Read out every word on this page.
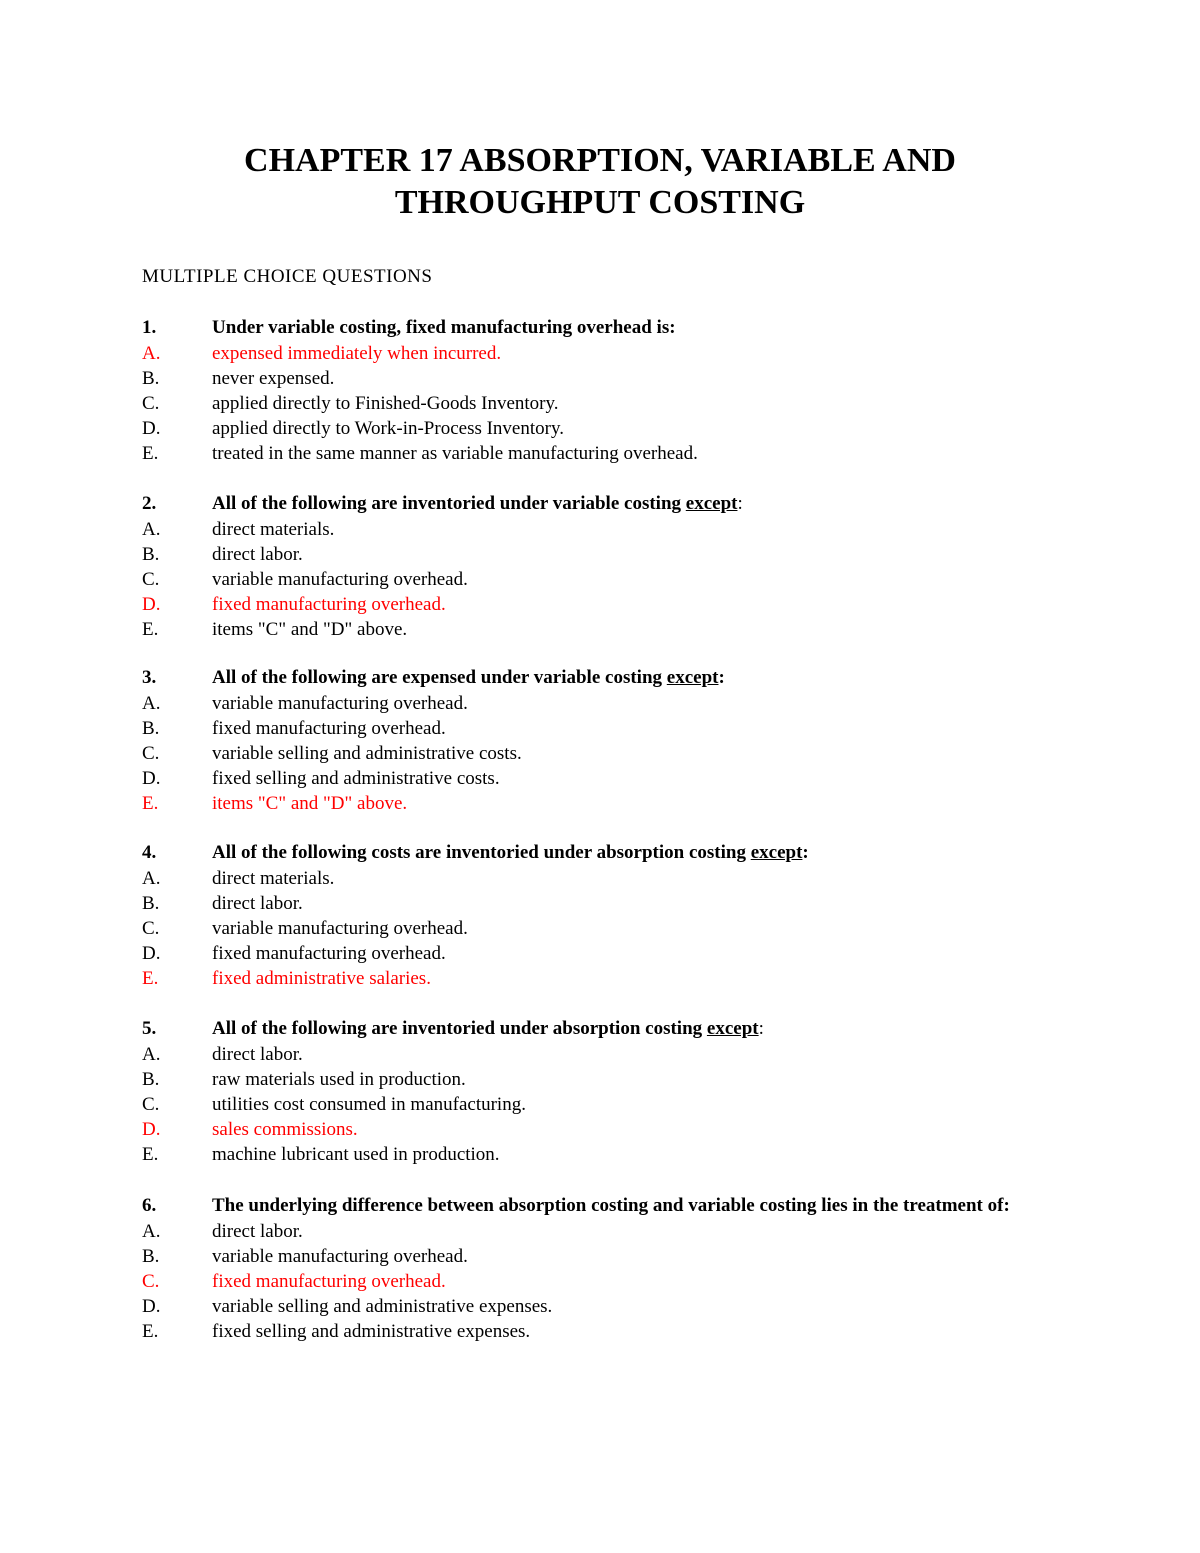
CHAPTER 17 ABSORPTION, VARIABLE AND
THROUGHPUT COSTING
MULTIPLE CHOICE QUESTIONS
1.	Under variable costing, fixed manufacturing overhead is:
A.	expensed immediately when incurred.
B.	never expensed.
C.	applied directly to Finished-Goods Inventory.
D.	applied directly to Work-in-Process Inventory.
E.	treated in the same manner as variable manufacturing overhead.
2.	All of the following are inventoried under variable costing except:
A.	direct materials.
B.	direct labor.
C.	variable manufacturing overhead.
D.	fixed manufacturing overhead.
E.	items "C" and "D" above.
3.	All of the following are expensed under variable costing except:
A.	variable manufacturing overhead.
B.	fixed manufacturing overhead.
C.	variable selling and administrative costs.
D.	fixed selling and administrative costs.
E.	items "C" and "D" above.
4.	All of the following costs are inventoried under absorption costing except:
A.	direct materials.
B.	direct labor.
C.	variable manufacturing overhead.
D.	fixed manufacturing overhead.
E.	fixed administrative salaries.
5.	All of the following are inventoried under absorption costing except:
A.	direct labor.
B.	raw materials used in production.
C.	utilities cost consumed in manufacturing.
D.	sales commissions.
E.	machine lubricant used in production.
6.	The underlying difference between absorption costing and variable costing lies in the treatment of:
A.	direct labor.
B.	variable manufacturing overhead.
C.	fixed manufacturing overhead.
D.	variable selling and administrative expenses.
E.	fixed selling and administrative expenses.
